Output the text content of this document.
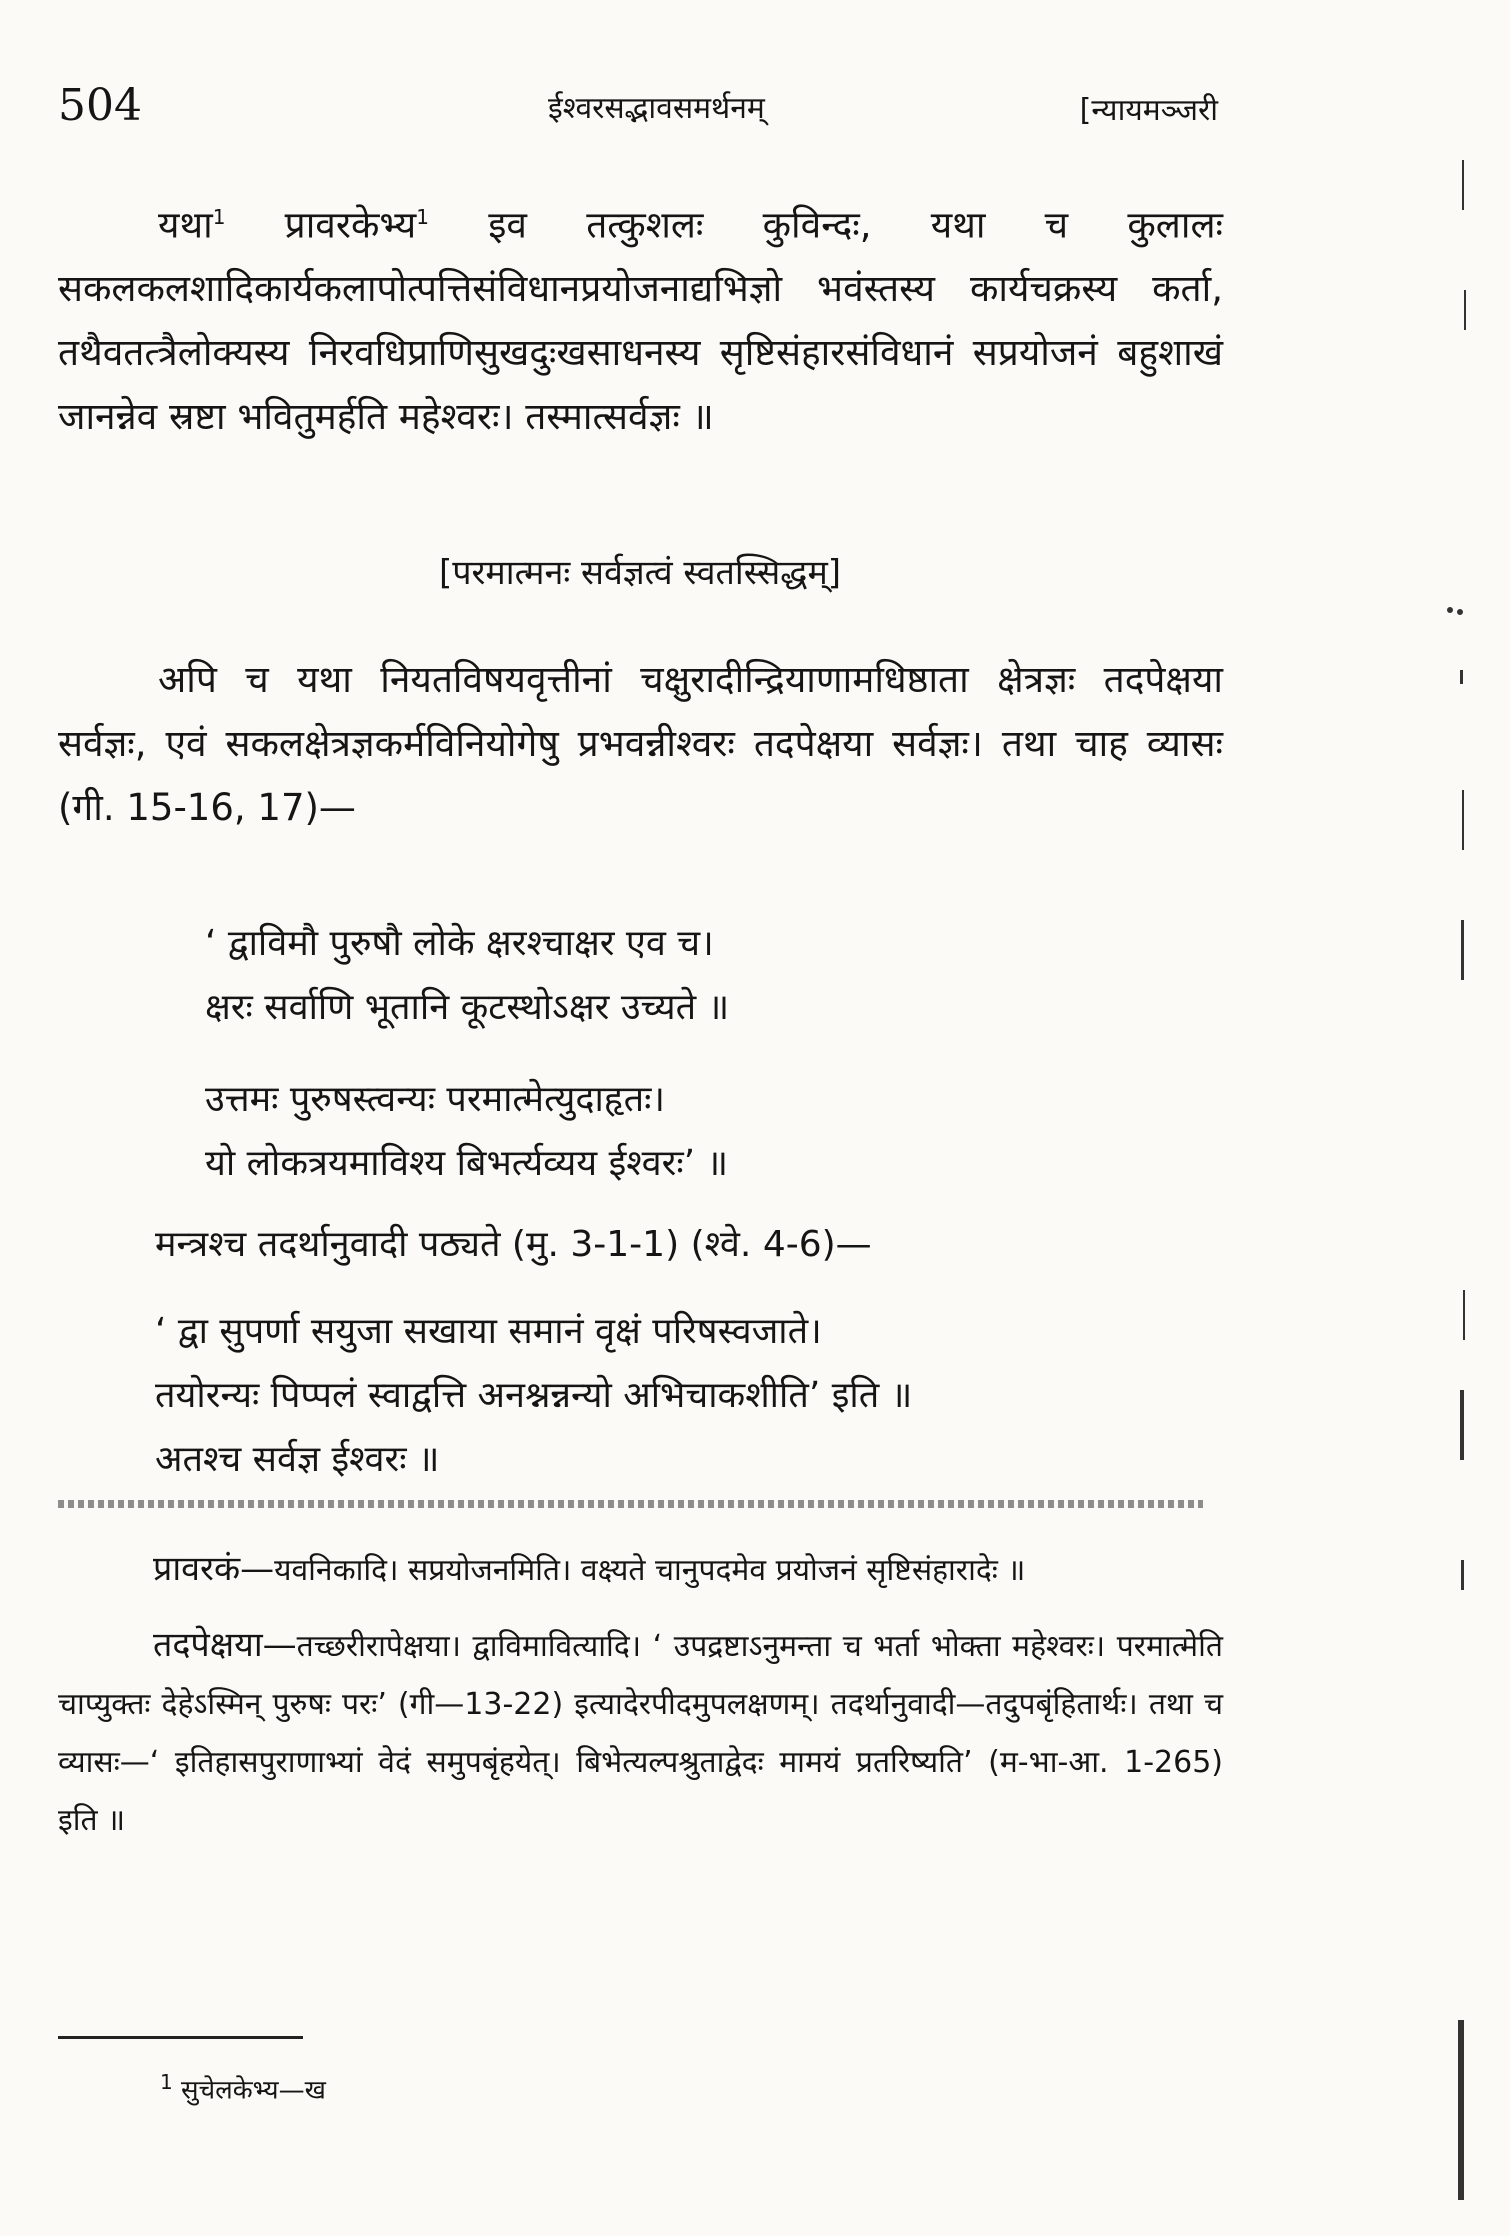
504	ईश्वरसद्भावसमर्थनम्	[न्यायमञ्जरी

यथा$^1$ प्रावरकेभ्य$^1$ इव तत्कुशलः कुविन्दः, यथा च कुलालः सकलकलशादिकार्यकलापोत्पत्तिसंविधानप्रयोजनाद्यभिज्ञो भवंस्तस्य कार्यचक्रस्य कर्ता, तथैवतत्त्रैलोक्यस्य निरवधिप्राणिसुखदुःखसाधनस्य सृष्टिसंहारसंविधानं सप्रयोजनं बहुशाखं जानन्नेव स्रष्टा भवितुमर्हति महेश्वरः। तस्मात्सर्वज्ञः ॥

[परमात्मनः सर्वज्ञत्वं स्वतस्सिद्धम्]

अपि च यथा नियतविषयवृत्तीनां चक्षुरादीन्द्रियाणामधिष्ठाता क्षेत्रज्ञः तदपेक्षया सर्वज्ञः, एवं सकलक्षेत्रज्ञकर्मविनियोगेषु प्रभवन्नीश्वरः तदपेक्षया सर्वज्ञः। तथा चाह व्यासः (गी. 15-16, 17)—

‘ द्वाविमौ पुरुषौ लोके क्षरश्चाक्षर एव च।

क्षरः सर्वाणि भूतानि कूटस्थोऽक्षर उच्यते ॥

उत्तमः पुरुषस्त्वन्यः परमात्मेत्युदाहृतः।

यो लोकत्रयमाविश्य बिभर्त्यव्यय ईश्वरः’ ॥

मन्त्रश्च तदर्थानुवादी पठ्यते (मु. 3-1-1) (श्वे. 4-6)—

‘ द्वा सुपर्णा सयुजा सखाया समानं वृक्षं परिषस्वजाते।

तयोरन्यः पिप्पलं स्वाद्वत्ति अनश्नन्नन्यो अभिचाकशीति’ इति ॥

अतश्च सर्वज्ञ ईश्वरः ॥

प्रावरकं—यवनिकादि। सप्रयोजनमिति। वक्ष्यते चानुपदमेव प्रयोजनं सृष्टिसंहारादेः ॥

तदपेक्षया—तच्छरीरापेक्षया। द्वाविमावित्यादि। ‘ उपद्रष्टाऽनुमन्ता च भर्ता भोक्ता महेश्वरः। परमात्मेति चाप्युक्तः देहेऽस्मिन् पुरुषः परः’ (गी—13-22) इत्यादेरपीदमुपलक्षणम्। तदर्थानुवादी—तदुपबृंहितार्थः। तथा च व्यासः—‘ इतिहासपुराणाभ्यां वेदं समुपबृंहयेत्। बिभेत्यल्पश्रुताद्वेदः मामयं प्रतरिष्यति’ (म-भा-आ. 1-265) इति ॥

$^1$ सुचेलकेभ्य—ख
